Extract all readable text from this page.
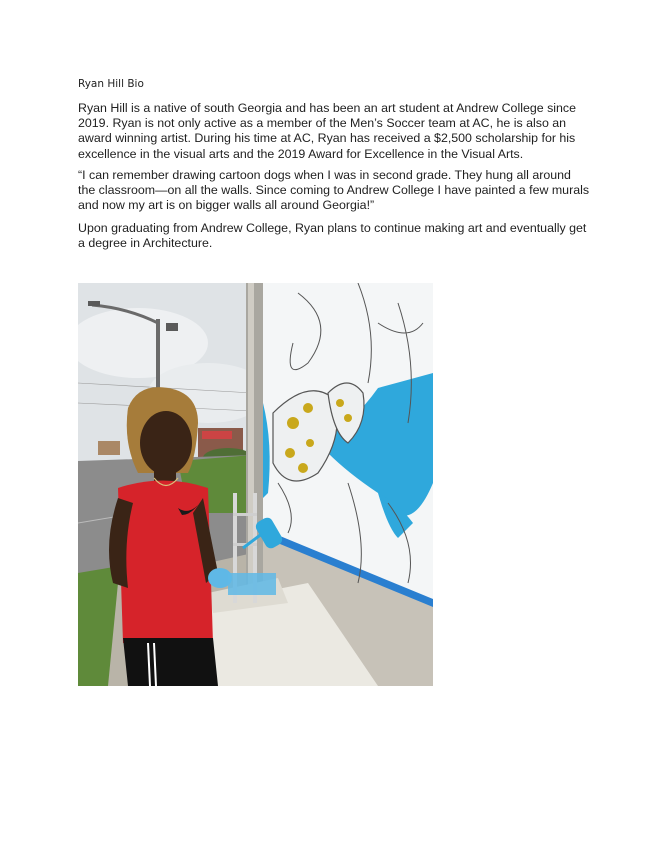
Ryan Hill Bio

Ryan Hill is a native of south Georgia and has been an art student at Andrew College since 2019. Ryan is not only active as a member of the Men’s Soccer team at AC, he is also an award winning artist. During his time at AC, Ryan has received a $2,500 scholarship for his excellence in the visual arts and the 2019 Award for Excellence in the Visual Arts.

“I can remember drawing cartoon dogs when I was in second grade. They hung all around the classroom—on all the walls. Since coming to Andrew College I have painted a few murals and now my art is on bigger walls all around Georgia!”

Upon graduating from Andrew College, Ryan plans to continue making art and eventually get a degree in Architecture.
